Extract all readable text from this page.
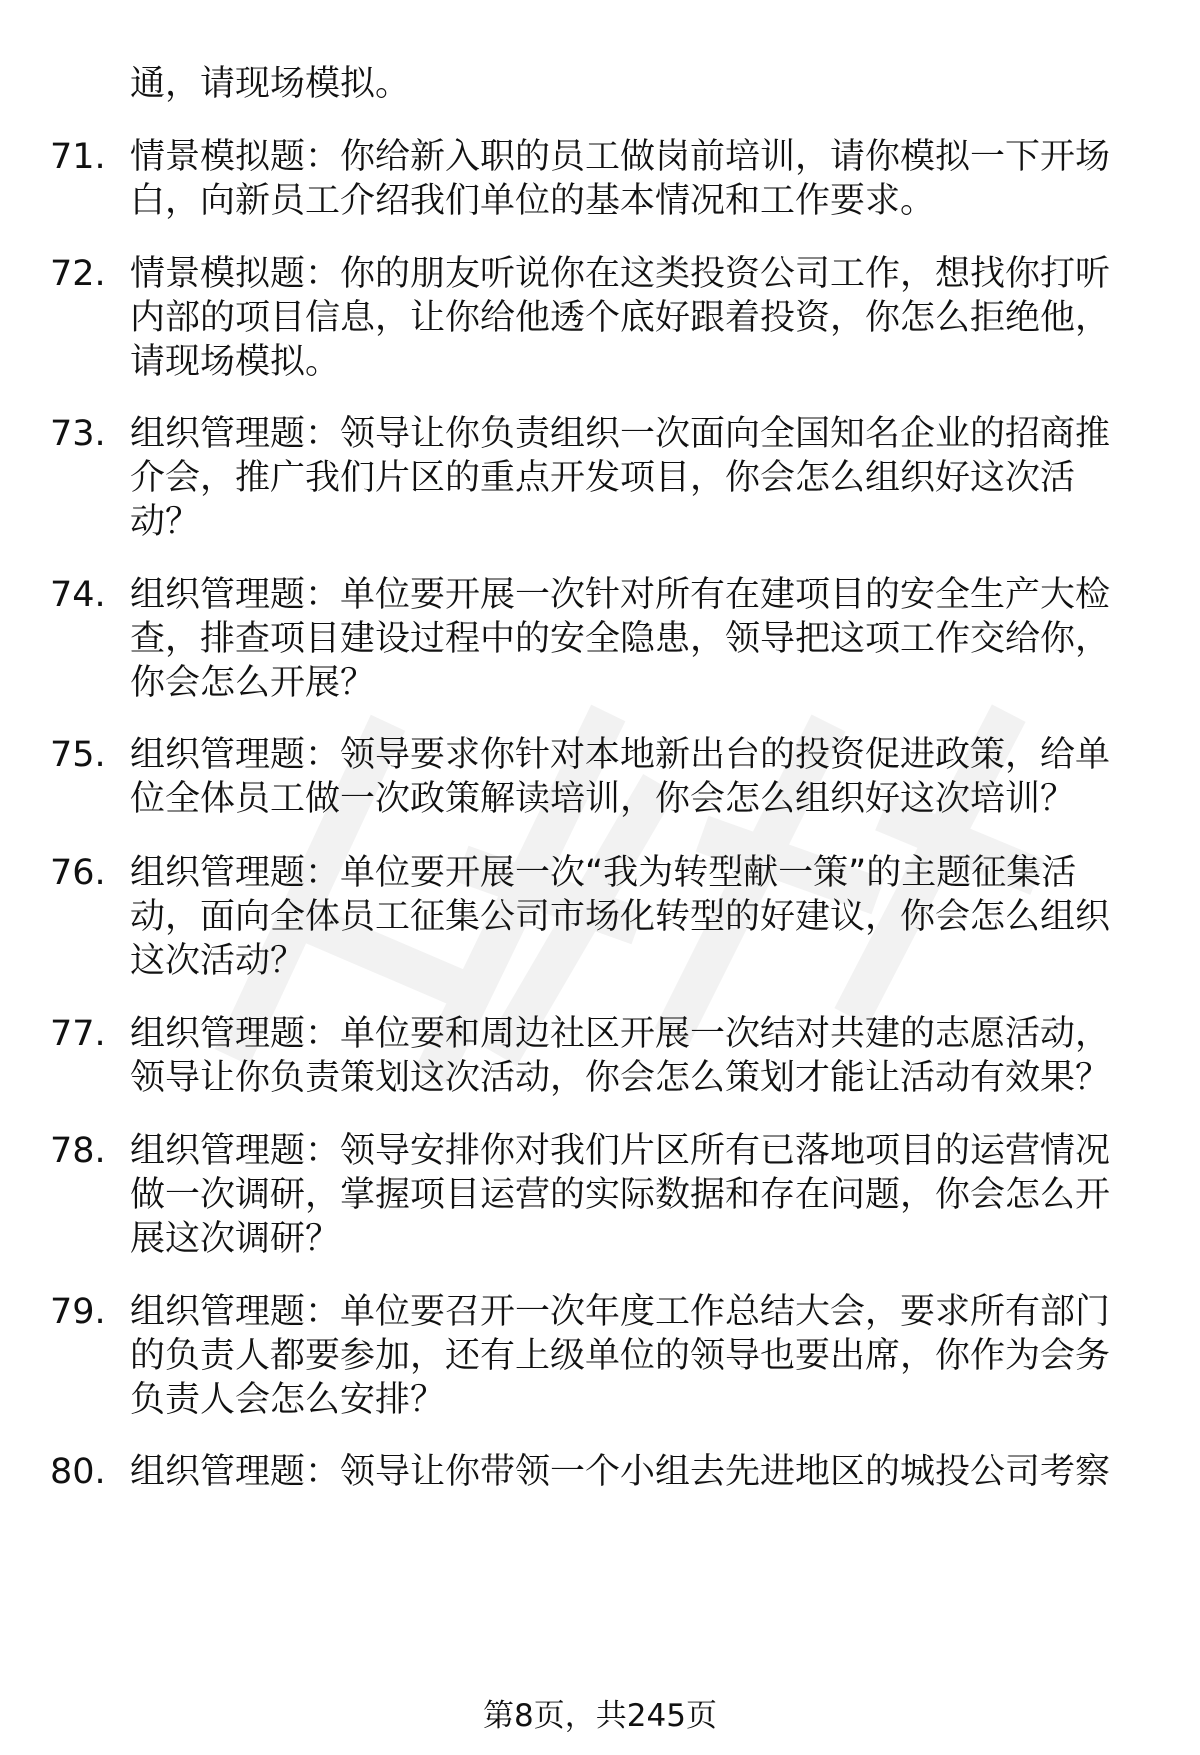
通，请现场模拟。

71. 情景模拟题：你给新入职的员工做岗前培训，请你模拟一下开场白，向新员工介绍我们单位的基本情况和工作要求。

72. 情景模拟题：你的朋友听说你在这类投资公司工作，想找你打听内部的项目信息，让你给他透个底好跟着投资，你怎么拒绝他，请现场模拟。

73. 组织管理题：领导让你负责组织一次面向全国知名企业的招商推介会，推广我们片区的重点开发项目，你会怎么组织好这次活动？

74. 组织管理题：单位要开展一次针对所有在建项目的安全生产大检查，排查项目建设过程中的安全隐患，领导把这项工作交给你，你会怎么开展？

75. 组织管理题：领导要求你针对本地新出台的投资促进政策，给单位全体员工做一次政策解读培训，你会怎么组织好这次培训？

76. 组织管理题：单位要开展一次“我为转型献一策”的主题征集活动，面向全体员工征集公司市场化转型的好建议，你会怎么组织这次活动？

77. 组织管理题：单位要和周边社区开展一次结对共建的志愿活动，领导让你负责策划这次活动，你会怎么策划才能让活动有效果？

78. 组织管理题：领导安排你对我们片区所有已落地项目的运营情况做一次调研，掌握项目运营的实际数据和存在问题，你会怎么开展这次调研？

79. 组织管理题：单位要召开一次年度工作总结大会，要求所有部门的负责人都要参加，还有上级单位的领导也要出席，你作为会务负责人会怎么安排？

80. 组织管理题：领导让你带领一个小组去先进地区的城投公司考察

第8页，共245页
